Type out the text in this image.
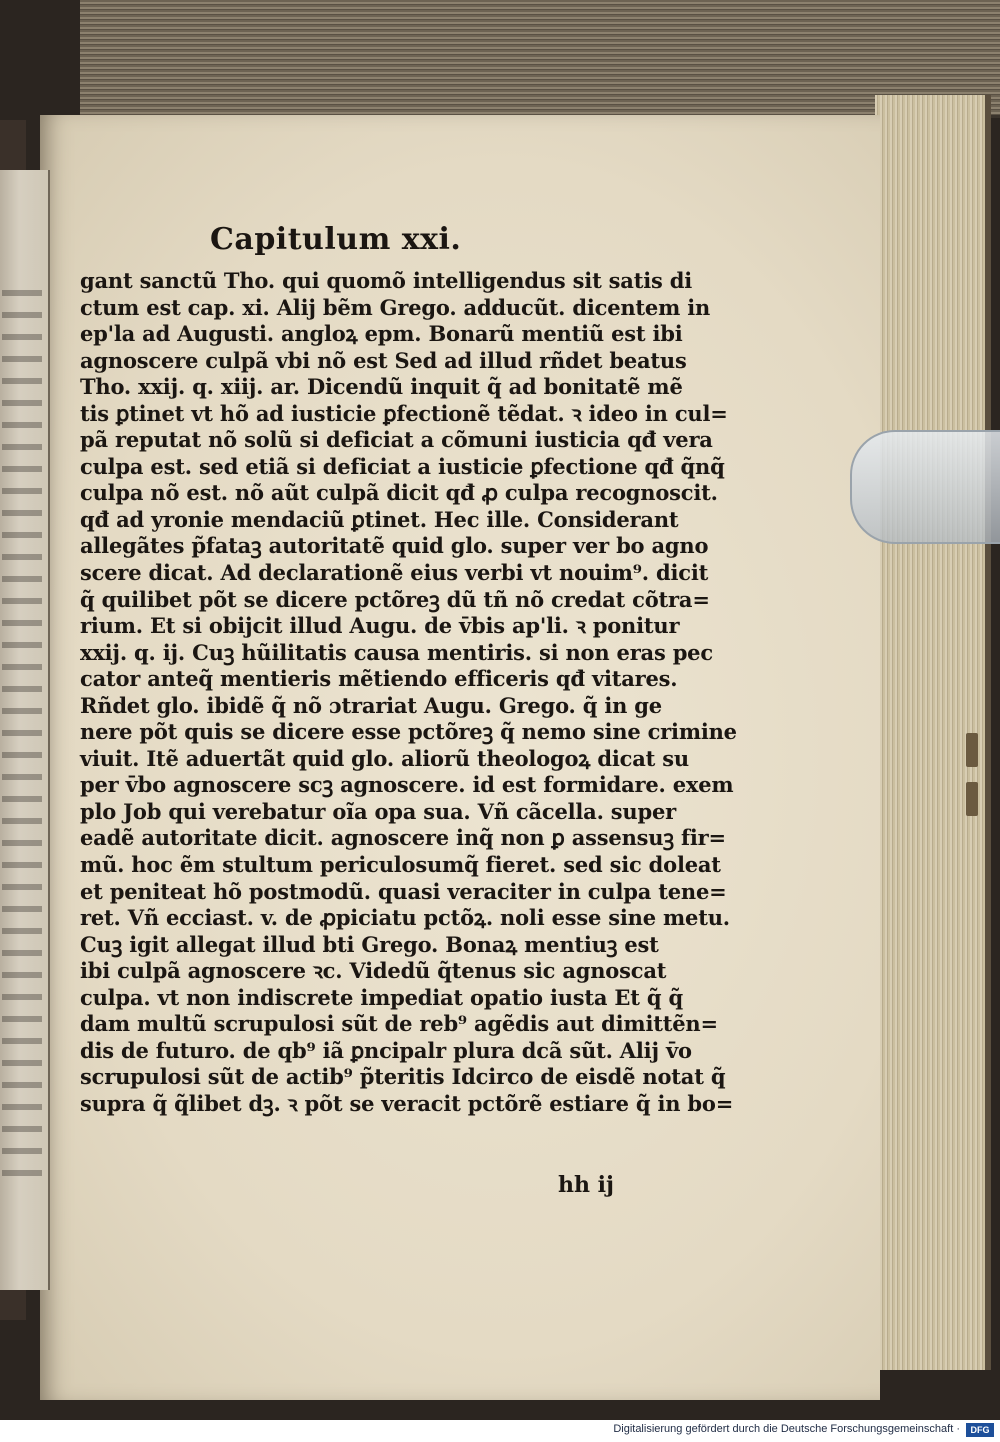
Capitulum xxi.
gant sanctũ Tho. qui quomõ intelligendus sit satis di
ctum est cap. xi. Alij bẽm Grego. adducũt. dicentem in
ep'la ad Augusti. angloꝝ epm. Bonarũ mentiũ est ibi
agnoscere culpã vbi nõ est Sed ad illud rñdet beatus
Tho. xxij. q. xiij. ar. Dicendũ inquit q̃ ad bonitatẽ mẽ
tis ꝑtinet vt hõ ad iusticie ꝑfectionẽ tẽdat. ꝛ ideo in cul=
pã reputat nõ solũ si deficiat a cõmuni iusticia qđ vera
culpa est. sed etiã si deficiat a iusticie ꝑfectione qđ q̃nq̃
culpa nõ est. nõ aũt culpã dicit qđ ꝓ culpa recognoscit.
qđ ad yronie mendaciũ ꝑtinet. Hec ille. Considerant
allegãtes p̃fataꝫ autoritatẽ quid glo. super ver bo agno
scere dicat. Ad declarationẽ eius verbi vt nouim⁹. dicit
q̃ quilibet põt se dicere pctõreꝫ dũ tñ nõ credat cõtra=
rium. Et si obijcit illud Augu. de v̄bis ap'li. ꝛ ponitur
xxij. q. ij. Cuꝫ hũilitatis causa mentiris. si non eras pec
cator anteq̃ mentieris mẽtiendo efficeris qđ vitares.
Rñdet glo. ibidẽ q̃ nõ ɔtrariat Augu. Grego. q̃ in ge
nere põt quis se dicere esse pctõreꝫ q̃ nemo sine crimine
viuit. Itẽ aduertãt quid glo. aliorũ theologoꝝ dicat su
per v̄bo agnoscere scꝫ agnoscere. id est formidare. exem
plo Job qui verebatur oĩa opa sua. Vñ cãcella. super
eadẽ autoritate dicit. agnoscere inq̃ non ꝑ assensuꝫ fir=
mũ. hoc ẽm stultum periculosumq̃ fieret. sed sic doleat
et peniteat hõ postmodũ. quasi veraciter in culpa tene=
ret. Vñ ecciast. v. de ꝓpiciatu pctõꝝ. noli esse sine metu.
Cuꝫ igit allegat illud bti Grego. Bonaꝝ mentiuꝫ est
ibi culpã agnoscere ꝛc. Videdũ q̃tenus sic agnoscat
culpa. vt non indiscrete impediat opatio iusta Et q̃ q̃
dam multũ scrupulosi sũt de reb⁹ agẽdis aut dimittẽn=
dis de futuro. de qb⁹ iã ꝑncipalr plura dcã sũt. Alij v̄o
scrupulosi sũt de actib⁹ p̃teritis Idcirco de eisdẽ notat q̃
supra q̃ q̃libet dꝫ. ꝛ põt se veracit pctõrẽ estiare q̃ in bo=
hh ij
Digitalisierung gefördert durch die Deutsche Forschungsgemeinschaft ·	DFG
